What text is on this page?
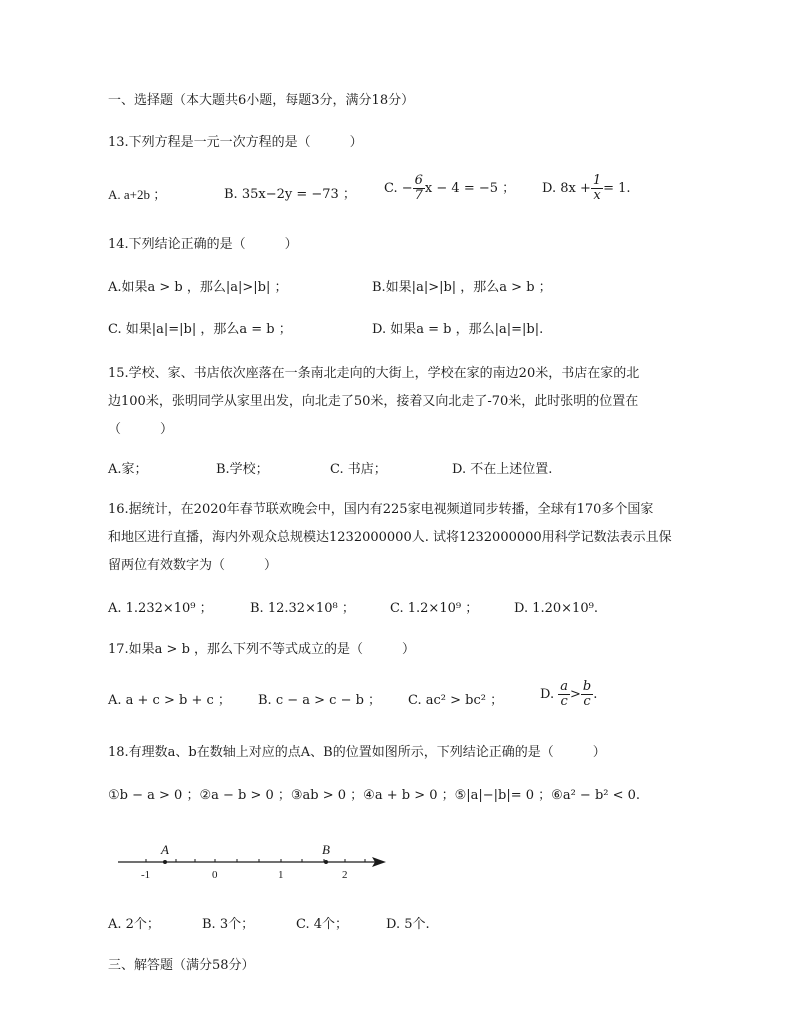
一、选择题（本大题共6小题，每题3分，满分18分）
13.下列方程是一元一次方程的是（　　　）
A. a+2b ；	B. 35x−2y = −73 ； C. − $\frac{6}{7}$ x − 4 = −5 ； D. $8x + \frac{1}{x} = 1$.
14.下列结论正确的是（　　　）
A.如果a > b ，那么|a|>|b| ；	B.如果|a|>|b| ，那么a > b ；
C. 如果|a|=|b| ，那么a = b ；	D. 如果a = b ，那么|a|=|b|.
15.学校、家、书店依次座落在一条南北走向的大街上，学校在家的南边20米，书店在家的北
边100米，张明同学从家里出发，向北走了50米，接着又向北走了-70米，此时张明的位置在
（　　　）
A.家；	B.学校；	C. 书店；	D. 不在上述位置.
16.据统计，在2020年春节联欢晚会中，国内有225家电视频道同步转播，全球有170多个国家
和地区进行直播，海内外观众总规模达1232000000人. 试将1232000000用科学记数法表示且保
留两位有效数字为（　　　）
A. 1.232×10⁹ ；	B. 12.32×10⁸ ；	C. 1.2×10⁹ ；	D. 1.20×10⁹.
17.如果a > b ，那么下列不等式成立的是（　　　）
A. a + c > b + c ； B. c − a > c − b ； C. ac² > bc² ；	D. $\frac{a}{c} > \frac{b}{c}$ .
18.有理数a、b在数轴上对应的点A、B的位置如图所示，下列结论正确的是（　　　）
①b − a > 0 ；②a − b > 0 ；③ab > 0 ；④a + b > 0 ；⑤|a|−|b|= 0 ；⑥a² − b² < 0.
A	B
-1	0	1	2
A. 2个；	B. 3个；	C. 4个；	D. 5个.
三、解答题（满分58分）
